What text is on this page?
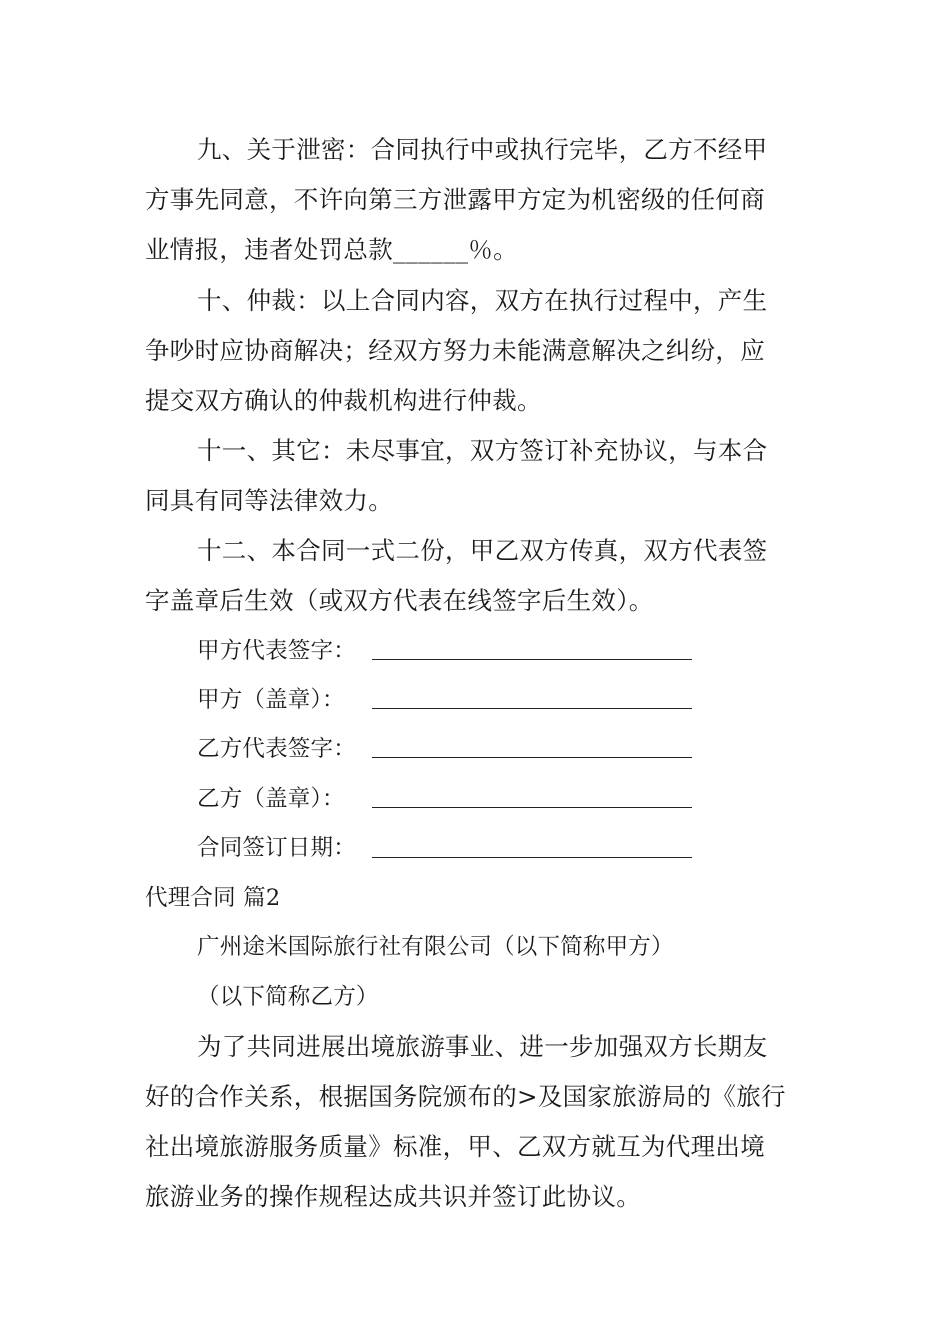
九、关于泄密：合同执行中或执行完毕，乙方不经甲
方事先同意，不许向第三方泄露甲方定为机密级的任何商
业情报，违者处罚总款______％。
十、仲裁：以上合同内容，双方在执行过程中，产生
争吵时应协商解决；经双方努力未能满意解决之纠纷，应
提交双方确认的仲裁机构进行仲裁。
十一、其它：未尽事宜，双方签订补充协议，与本合
同具有同等法律效力。
十二、本合同一式二份，甲乙双方传真，双方代表签
字盖章后生效（或双方代表在线签字后生效）。
甲方代表签字：
甲方（盖章）：
乙方代表签字：
乙方（盖章）：
合同签订日期：
代理合同 篇2
广州途米国际旅行社有限公司（以下简称甲方）
（以下简称乙方）
为了共同进展出境旅游事业、进一步加强双方长期友
好的合作关系，根据国务院颁布的>及国家旅游局的《旅行
社出境旅游服务质量》标准，甲、乙双方就互为代理出境
旅游业务的操作规程达成共识并签订此协议。
